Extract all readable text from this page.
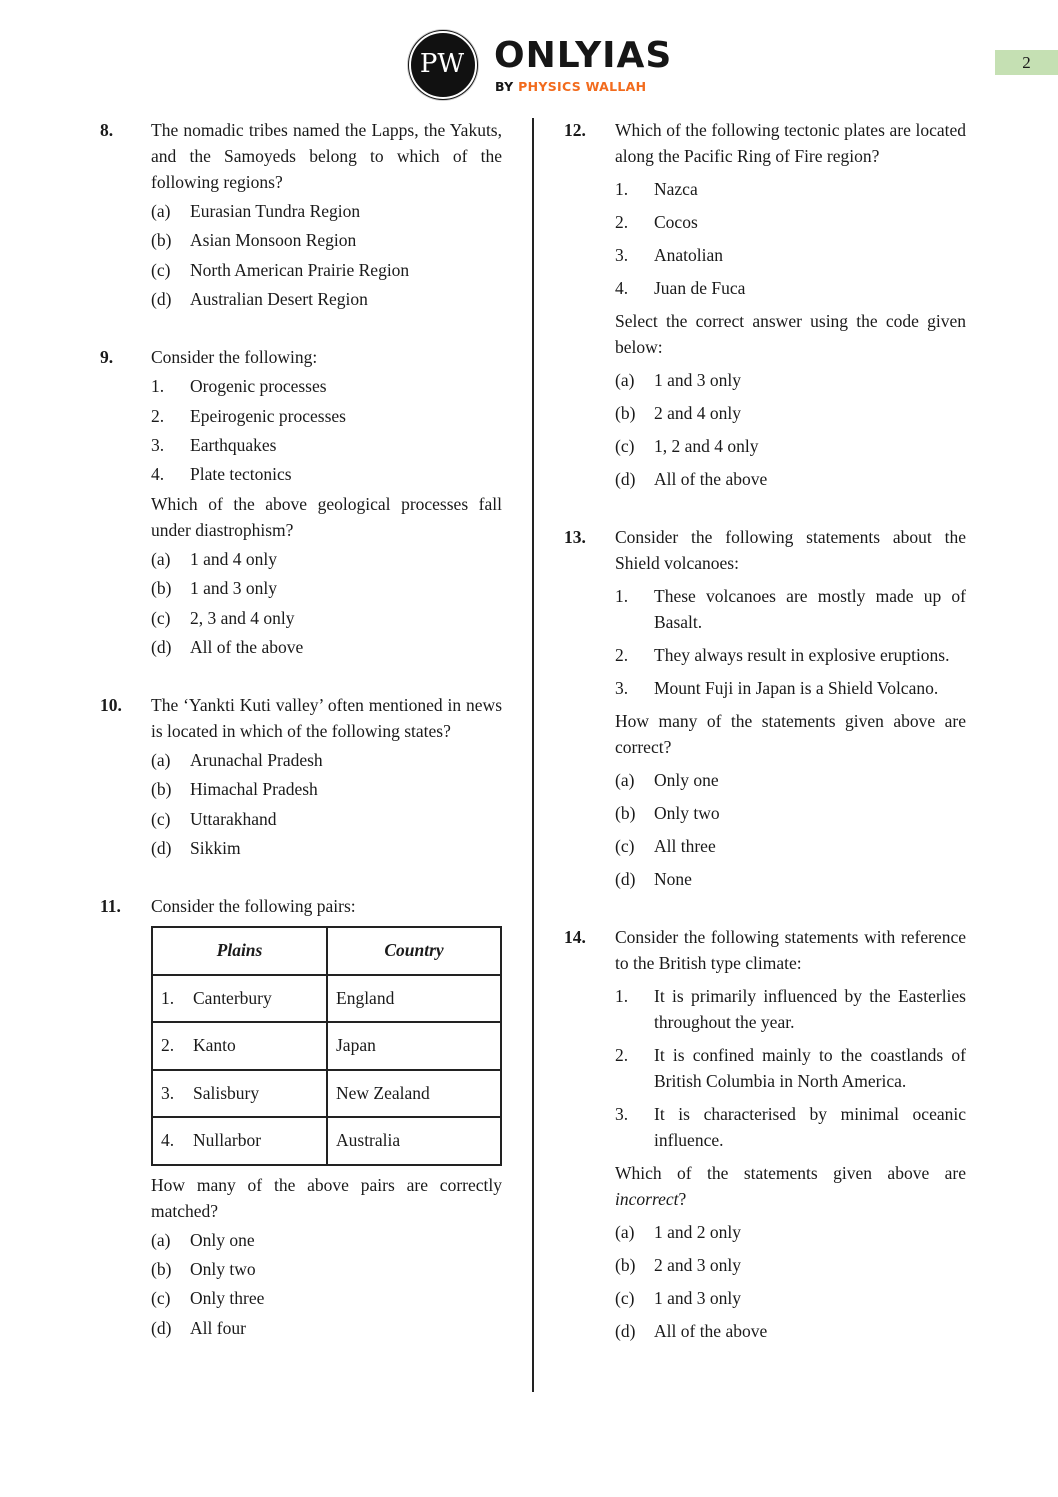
PW ONLYIAS
BY PHYSICS WALLAH
2
8. The nomadic tribes named the Lapps, the Yakuts, and the Samoyeds belong to which of the following regions?

(a) Eurasian Tundra Region
(b) Asian Monsoon Region
(c) North American Prairie Region
(d) Australian Desert Region
9. Consider the following:

1. Orogenic processes
2. Epeirogenic processes
3. Earthquakes
4. Plate tectonics

Which of the above geological processes fall under diastrophism?

(a) 1 and 4 only
(b) 1 and 3 only
(c) 2, 3 and 4 only
(d) All of the above
10. The ‘Yankti Kuti valley’ often mentioned in news is located in which of the following states?

(a) Arunachal Pradesh
(b) Himachal Pradesh
(c) Uttarakhand
(d) Sikkim
11. Consider the following pairs:

Plains	Country
1. Canterbury	England
2. Kanto	Japan
3. Salisbury	New Zealand
4. Nullarbor	Australia

How many of the above pairs are correctly matched?

(a) Only one
(b) Only two
(c) Only three
(d) All four
12. Which of the following tectonic plates are located along the Pacific Ring of Fire region?

1. Nazca
2. Cocos
3. Anatolian
4. Juan de Fuca

Select the correct answer using the code given below:

(a) 1 and 3 only
(b) 2 and 4 only
(c) 1, 2 and 4 only
(d) All of the above
13. Consider the following statements about the Shield volcanoes:

1. These volcanoes are mostly made up of Basalt.
2. They always result in explosive eruptions.
3. Mount Fuji in Japan is a Shield Volcano.

How many of the statements given above are correct?

(a) Only one
(b) Only two
(c) All three
(d) None
14. Consider the following statements with reference to the British type climate:

1. It is primarily influenced by the Easterlies throughout the year.
2. It is confined mainly to the coastlands of British Columbia in North America.
3. It is characterised by minimal oceanic influence.

Which of the statements given above are incorrect?

(a) 1 and 2 only
(b) 2 and 3 only
(c) 1 and 3 only
(d) All of the above
